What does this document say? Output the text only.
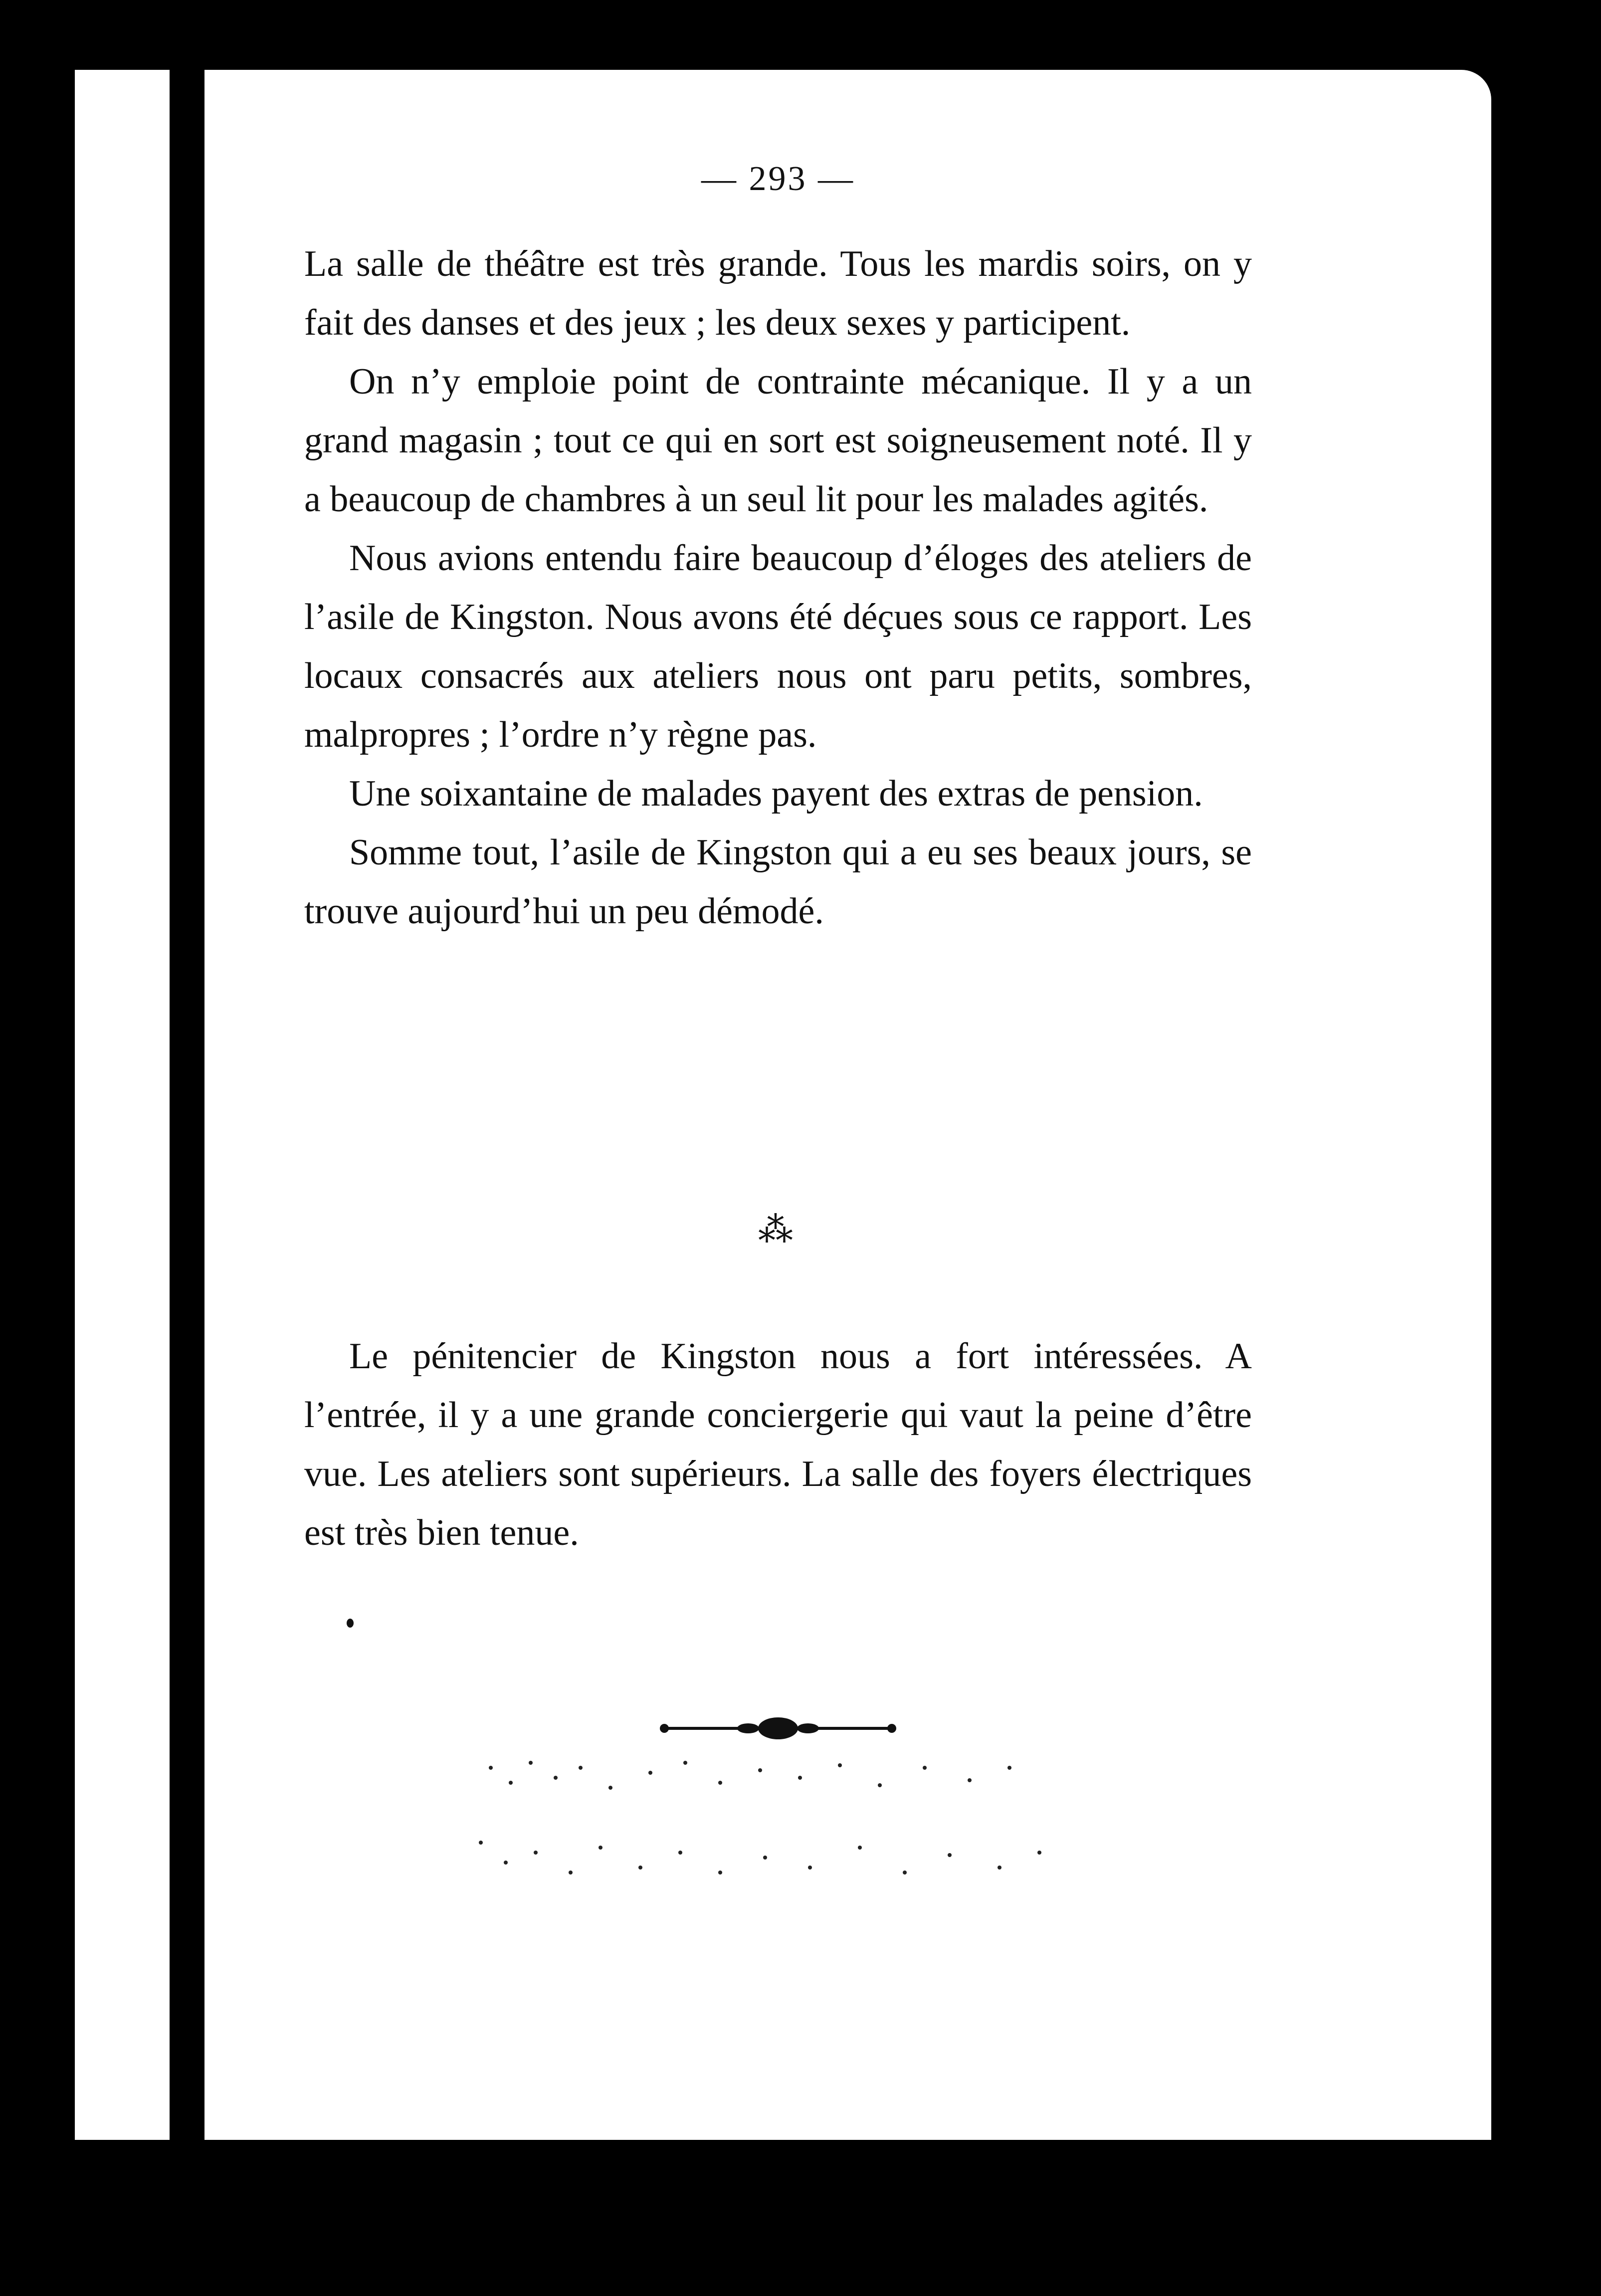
— 293 —

La salle de théâtre est très grande. Tous les mardis soirs, on y fait des danses et des jeux ; les deux sexes y participent.

On n’y emploie point de contrainte mécanique. Il y a un grand magasin ; tout ce qui en sort est soigneusement noté. Il y a beaucoup de chambres à un seul lit pour les malades agités.

Nous avions entendu faire beaucoup d’éloges des ateliers de l’asile de Kingston. Nous avons été déçues sous ce rapport. Les locaux consacrés aux ateliers nous ont paru petits, sombres, malpropres ; l’ordre n’y règne pas.

Une soixantaine de malades payent des extras de pension.

Somme tout, l’asile de Kingston qui a eu ses beaux jours, se trouve aujourd’hui un peu démodé.

⁂

Le pénitencier de Kingston nous a fort intéressées. A l’entrée, il y a une grande conciergerie qui vaut la peine d’être vue. Les ateliers sont supérieurs. La salle des foyers électriques est très bien tenue.
